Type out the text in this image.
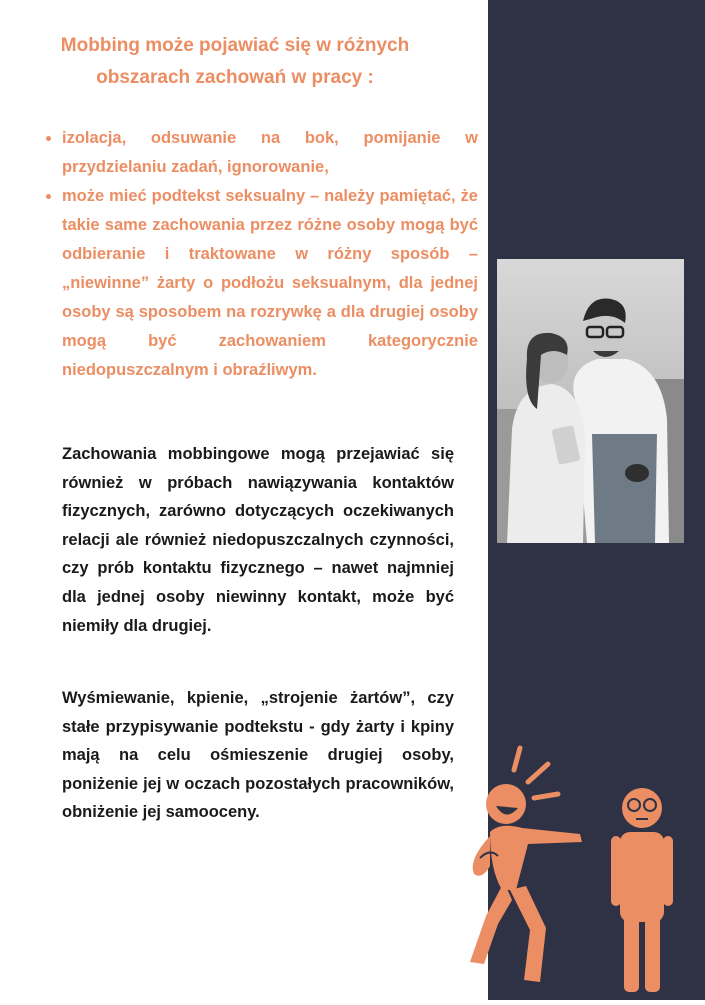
Mobbing może pojawiać się w różnych obszarach zachowań w pracy :
• izolacja, odsuwanie na bok, pomijanie w przydzielaniu zadań, ignorowanie,
• może mieć podtekst seksualny – należy pamiętać, że takie same zachowania przez różne osoby mogą być odbieranie i traktowane w różny sposób – „niewinne” żarty o podłożu seksualnym, dla jednej osoby są sposobem na rozrywkę a dla drugiej osoby mogą być zachowaniem kategorycznie niedopuszczalnym i obraźliwym.

Zachowania mobbingowe mogą przejawiać się również w próbach nawiązywania kontaktów fizycznych, zarówno dotyczących oczekiwanych relacji ale również niedopuszczalnych czynności, czy prób kontaktu fizycznego – nawet najmniej dla jednej osoby niewinny kontakt, może być niemiły dla drugiej.

Wyśmiewanie, kpienie, „strojenie żartów”, czy stałe przypisywanie podtekstu - gdy żarty i kpiny mają na celu ośmieszenie drugiej osoby, poniżenie jej w oczach pozostałych pracowników, obniżenie jej samooceny.
